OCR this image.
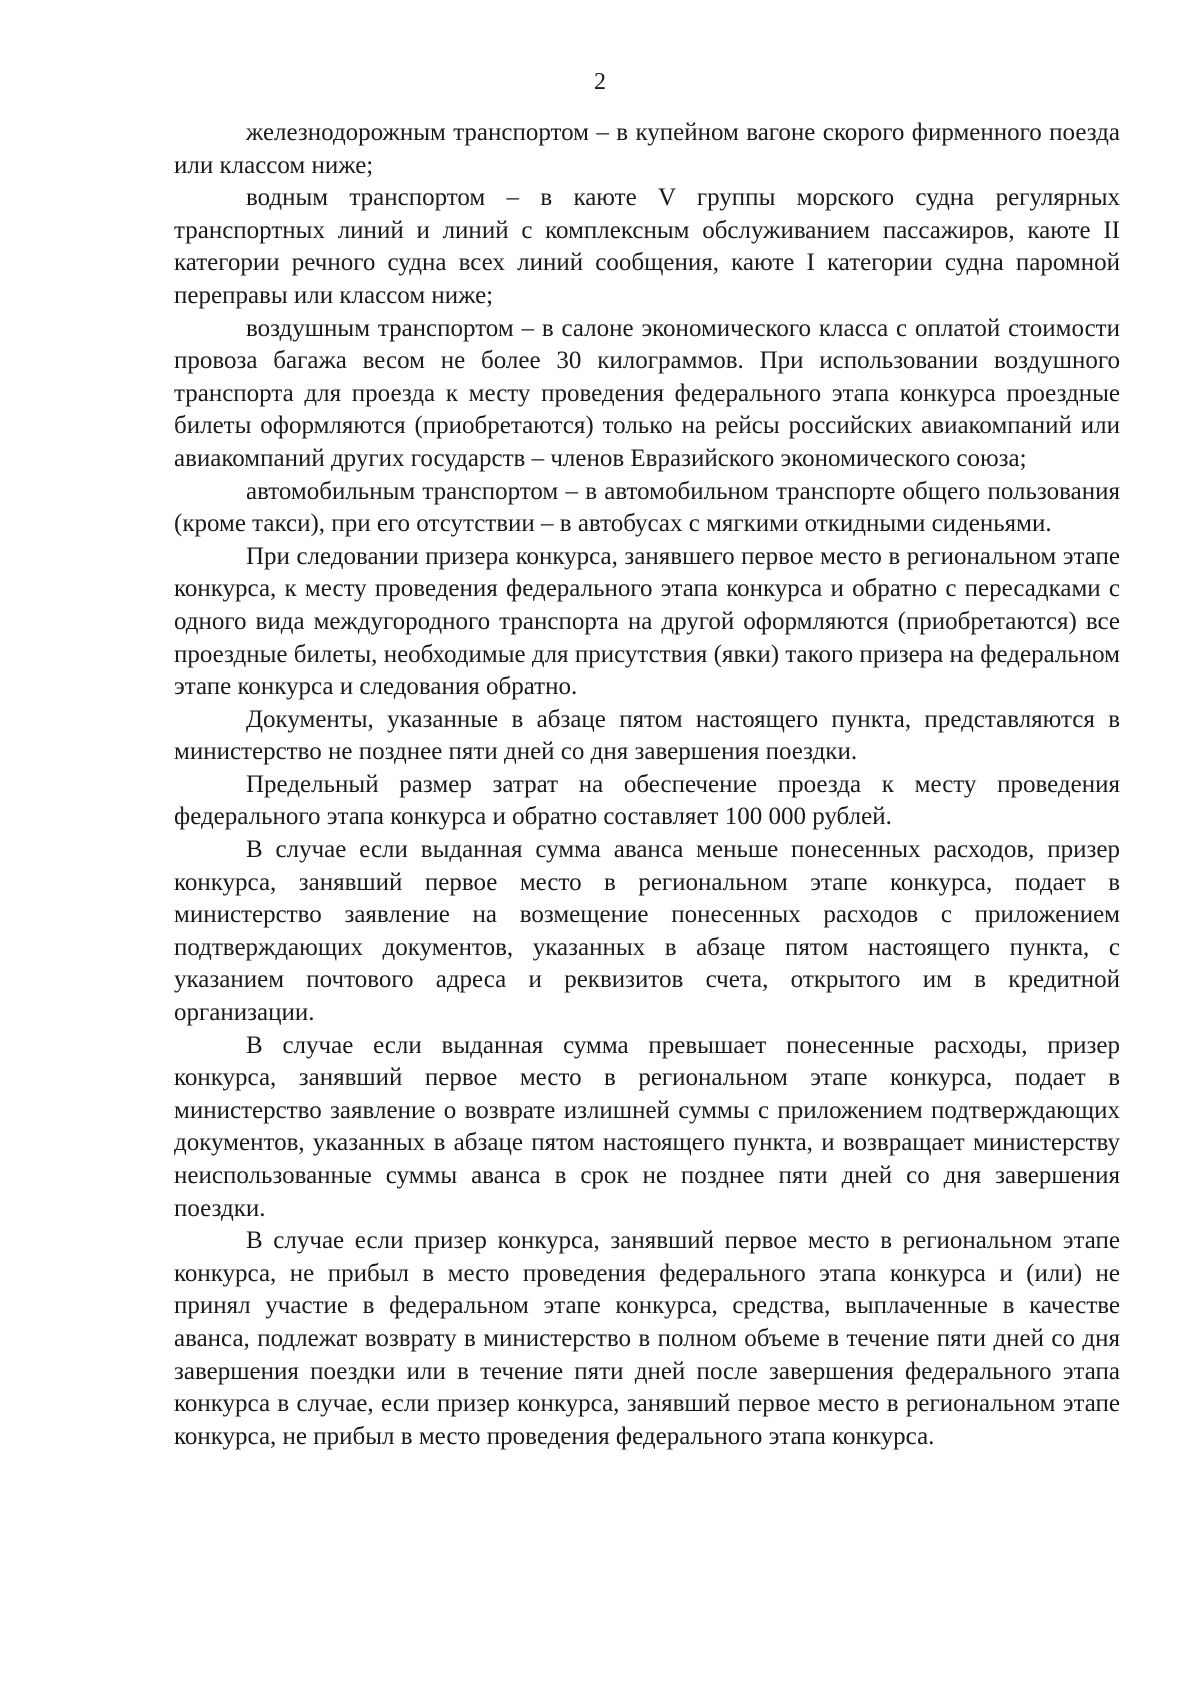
2

железнодорожным транспортом – в купейном вагоне скорого фирменного поезда или классом ниже;

водным транспортом – в каюте V группы морского судна регулярных транспортных линий и линий с комплексным обслуживанием пассажиров, каюте II категории речного судна всех линий сообщения, каюте I категории судна паромной переправы или классом ниже;

воздушным транспортом – в салоне экономического класса с оплатой стоимости провоза багажа весом не более 30 килограммов. При использовании воздушного транспорта для проезда к месту проведения федерального этапа конкурса проездные билеты оформляются (приобретаются) только на рейсы российских авиакомпаний или авиакомпаний других государств – членов Евразийского экономического союза;

автомобильным транспортом – в автомобильном транспорте общего пользования (кроме такси), при его отсутствии – в автобусах с мягкими откидными сиденьями.

При следовании призера конкурса, занявшего первое место в региональном этапе конкурса, к месту проведения федерального этапа конкурса и обратно с пересадками с одного вида междугородного транспорта на другой оформляются (приобретаются) все проездные билеты, необходимые для присутствия (явки) такого призера на федеральном этапе конкурса и следования обратно.

Документы, указанные в абзаце пятом настоящего пункта, представляются в министерство не позднее пяти дней со дня завершения поездки.

Предельный размер затрат на обеспечение проезда к месту проведения федерального этапа конкурса и обратно составляет 100 000 рублей.

В случае если выданная сумма аванса меньше понесенных расходов, призер конкурса, занявший первое место в региональном этапе конкурса, подает в министерство заявление на возмещение понесенных расходов с приложением подтверждающих документов, указанных в абзаце пятом настоящего пункта, с указанием почтового адреса и реквизитов счета, открытого им в кредитной организации.

В случае если выданная сумма превышает понесенные расходы, призер конкурса, занявший первое место в региональном этапе конкурса, подает в министерство заявление о возврате излишней суммы с приложением подтверждающих документов, указанных в абзаце пятом настоящего пункта, и возвращает министерству неиспользованные суммы аванса в срок не позднее пяти дней со дня завершения поездки.

В случае если призер конкурса, занявший первое место в региональном этапе конкурса, не прибыл в место проведения федерального этапа конкурса и (или) не принял участие в федеральном этапе конкурса, средства, выплаченные в качестве аванса, подлежат возврату в министерство в полном объеме в течение пяти дней со дня завершения поездки или в течение пяти дней после завершения федерального этапа конкурса в случае, если призер конкурса, занявший первое место в региональном этапе конкурса, не прибыл в место проведения федерального этапа конкурса.
